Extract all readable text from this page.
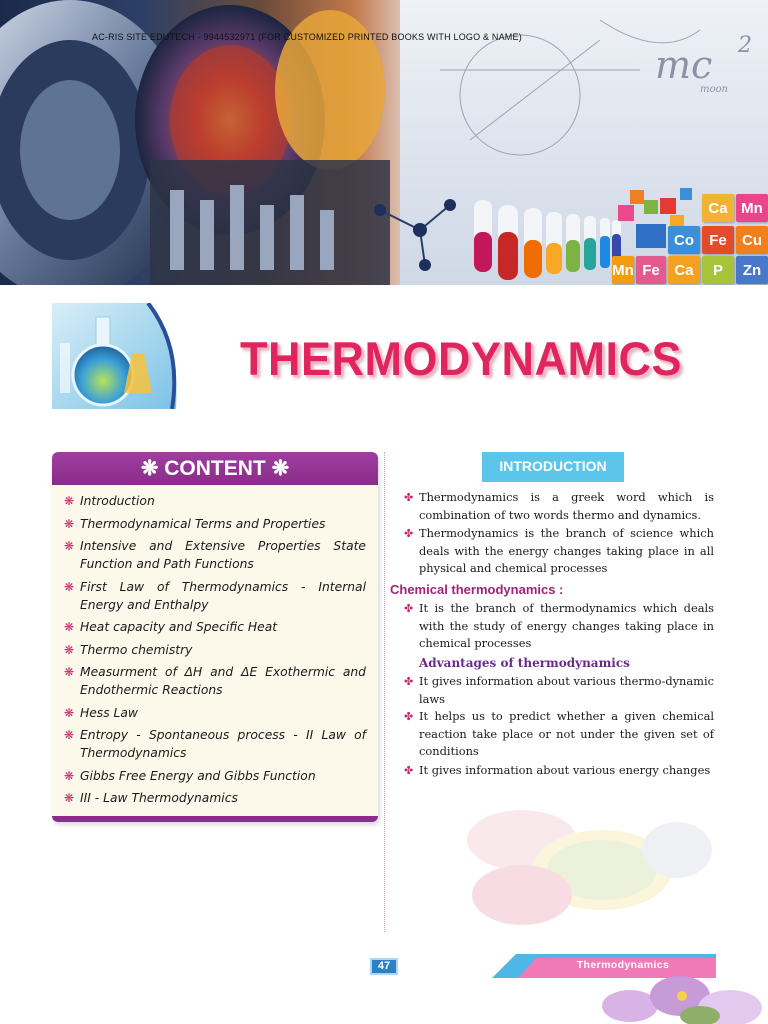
mc 2
moon
Ca Mn
Co Fe Cu
Fe Ca P Zn
Mn
AC-RIS SITE EDUTECH - 9944532971 (FOR CUSTOMIZED PRINTED BOOKS WITH LOGO & NAME)
THERMODYNAMICS
❋ CONTENT ❋
❋ Introduction
❋ Thermodynamical Terms and Properties
❋ Intensive and Extensive Properties State Function and Path Functions
❋ First Law of Thermodynamics - Internal Energy and Enthalpy
❋ Heat capacity and Specific Heat
❋ Thermo chemistry
❋ Measurment of ΔH and ΔE Exothermic and Endothermic Reactions
❋ Hess Law
❋ Entropy - Spontaneous process - II Law of Thermodynamics
❋ Gibbs Free Energy and Gibbs Function
❋ III - Law Thermodynamics
INTRODUCTION
✤ Thermodynamics is a greek word which is combination of two words thermo and dynamics.
✤ Thermodynamics is the branch of science which deals with the energy changes taking place in all physical and chemical processes
Chemical thermodynamics :
✤ It is the branch of thermodynamics which deals with the study of energy changes taking place in chemical processes
Advantages of thermodynamics
✤ It gives information about various thermo-dynamic laws
✤ It helps us to predict whether a given chemical reaction take place or not under the given set of conditions
✤ It gives information about various energy changes
47	Thermodynamics
